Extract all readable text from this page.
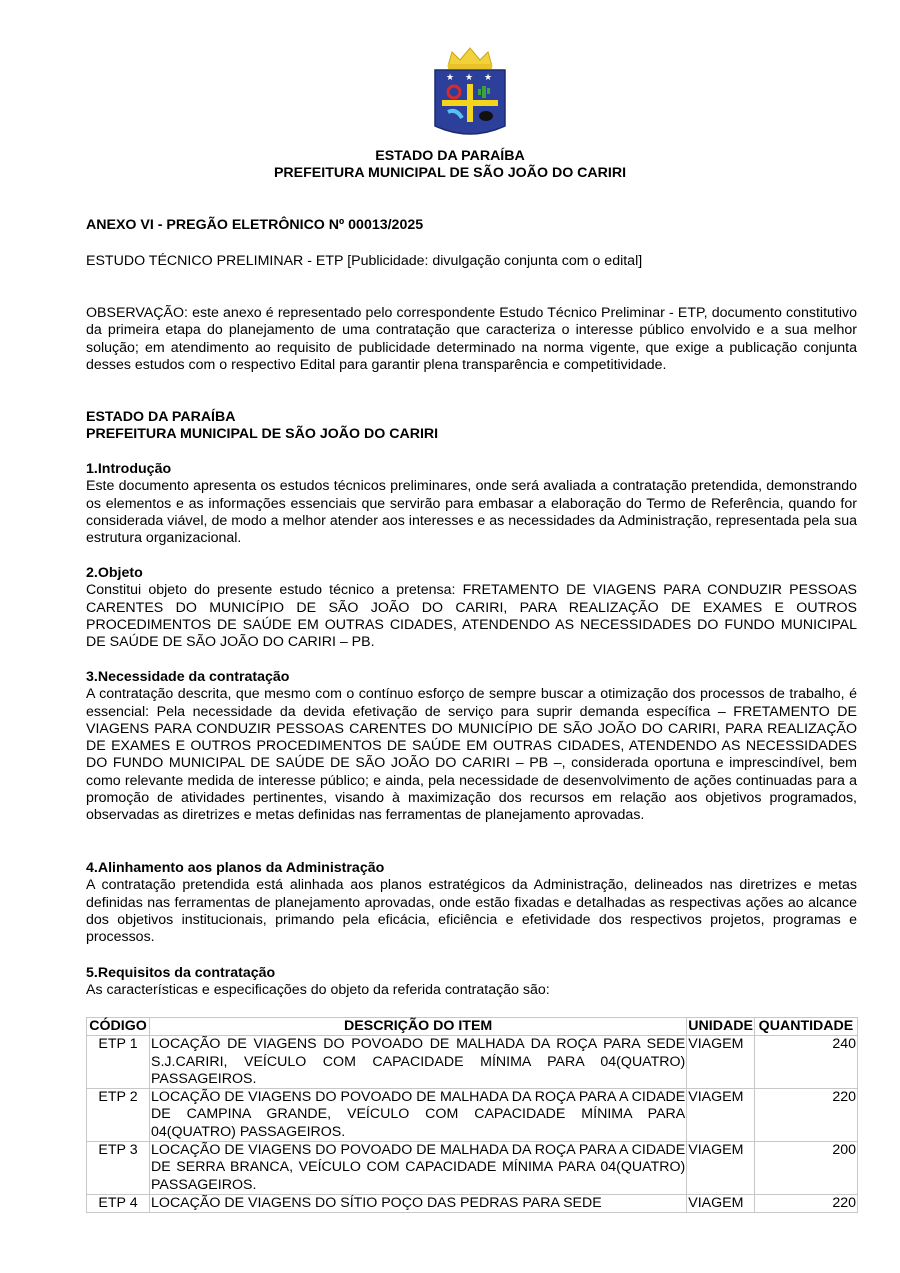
★ ★ ★
ESTADO DA PARAÍBA
PREFEITURA MUNICIPAL DE SÃO JOÃO DO CARIRI
ANEXO VI - PREGÃO ELETRÔNICO Nº 00013/2025
ESTUDO TÉCNICO PRELIMINAR - ETP [Publicidade: divulgação conjunta com o edital]
OBSERVAÇÃO: este anexo é representado pelo correspondente Estudo Técnico Preliminar - ETP, documento constitutivo da primeira etapa do planejamento de uma contratação que caracteriza o interesse público envolvido e a sua melhor solução; em atendimento ao requisito de publicidade determinado na norma vigente, que exige a publicação conjunta desses estudos com o respectivo Edital para garantir plena transparência e competitividade.
ESTADO DA PARAÍBA
PREFEITURA MUNICIPAL DE SÃO JOÃO DO CARIRI
1.Introdução
Este documento apresenta os estudos técnicos preliminares, onde será avaliada a contratação pretendida, demonstrando os elementos e as informações essenciais que servirão para embasar a elaboração do Termo de Referência, quando for considerada viável, de modo a melhor atender aos interesses e as necessidades da Administração, representada pela sua estrutura organizacional.
2.Objeto
Constitui objeto do presente estudo técnico a pretensa: FRETAMENTO DE VIAGENS PARA CONDUZIR PESSOAS CARENTES DO MUNICÍPIO DE SÃO JOÃO DO CARIRI, PARA REALIZAÇÃO DE EXAMES E OUTROS PROCEDIMENTOS DE SAÚDE EM OUTRAS CIDADES, ATENDENDO AS NECESSIDADES DO FUNDO MUNICIPAL DE SAÚDE DE SÃO JOÃO DO CARIRI – PB.
3.Necessidade da contratação
A contratação descrita, que mesmo com o contínuo esforço de sempre buscar a otimização dos processos de trabalho, é essencial: Pela necessidade da devida efetivação de serviço para suprir demanda específica – FRETAMENTO DE VIAGENS PARA CONDUZIR PESSOAS CARENTES DO MUNICÍPIO DE SÃO JOÃO DO CARIRI, PARA REALIZAÇÃO DE EXAMES E OUTROS PROCEDIMENTOS DE SAÚDE EM OUTRAS CIDADES, ATENDENDO AS NECESSIDADES DO FUNDO MUNICIPAL DE SAÚDE DE SÃO JOÃO DO CARIRI – PB –, considerada oportuna e imprescindível, bem como relevante medida de interesse público; e ainda, pela necessidade de desenvolvimento de ações continuadas para a promoção de atividades pertinentes, visando à maximização dos recursos em relação aos objetivos programados, observadas as diretrizes e metas definidas nas ferramentas de planejamento aprovadas.
4.Alinhamento aos planos da Administração
A contratação pretendida está alinhada aos planos estratégicos da Administração, delineados nas diretrizes e metas definidas nas ferramentas de planejamento aprovadas, onde estão fixadas e detalhadas as respectivas ações ao alcance dos objetivos institucionais, primando pela eficácia, eficiência e efetividade dos respectivos projetos, programas e processos.
5.Requisitos da contratação
As características e especificações do objeto da referida contratação são:
CÓDIGO	DESCRIÇÃO DO ITEM	UNIDADE	QUANTIDADE
ETP 1	LOCAÇÃO DE VIAGENS DO POVOADO DE MALHADA DA ROÇA PARA SEDE S.J.CARIRI, VEÍCULO COM CAPACIDADE MÍNIMA PARA 04(QUATRO) PASSAGEIROS.	VIAGEM	240
ETP 2	LOCAÇÃO DE VIAGENS DO POVOADO DE MALHADA DA ROÇA PARA A CIDADE DE CAMPINA GRANDE, VEÍCULO COM CAPACIDADE MÍNIMA PARA 04(QUATRO) PASSAGEIROS.	VIAGEM	220
ETP 3	LOCAÇÃO DE VIAGENS DO POVOADO DE MALHADA DA ROÇA PARA A CIDADE DE SERRA BRANCA, VEÍCULO COM CAPACIDADE MÍNIMA PARA 04(QUATRO) PASSAGEIROS.	VIAGEM	200
ETP 4	LOCAÇÃO DE VIAGENS DO SÍTIO POÇO DAS PEDRAS PARA SEDE	VIAGEM	220
